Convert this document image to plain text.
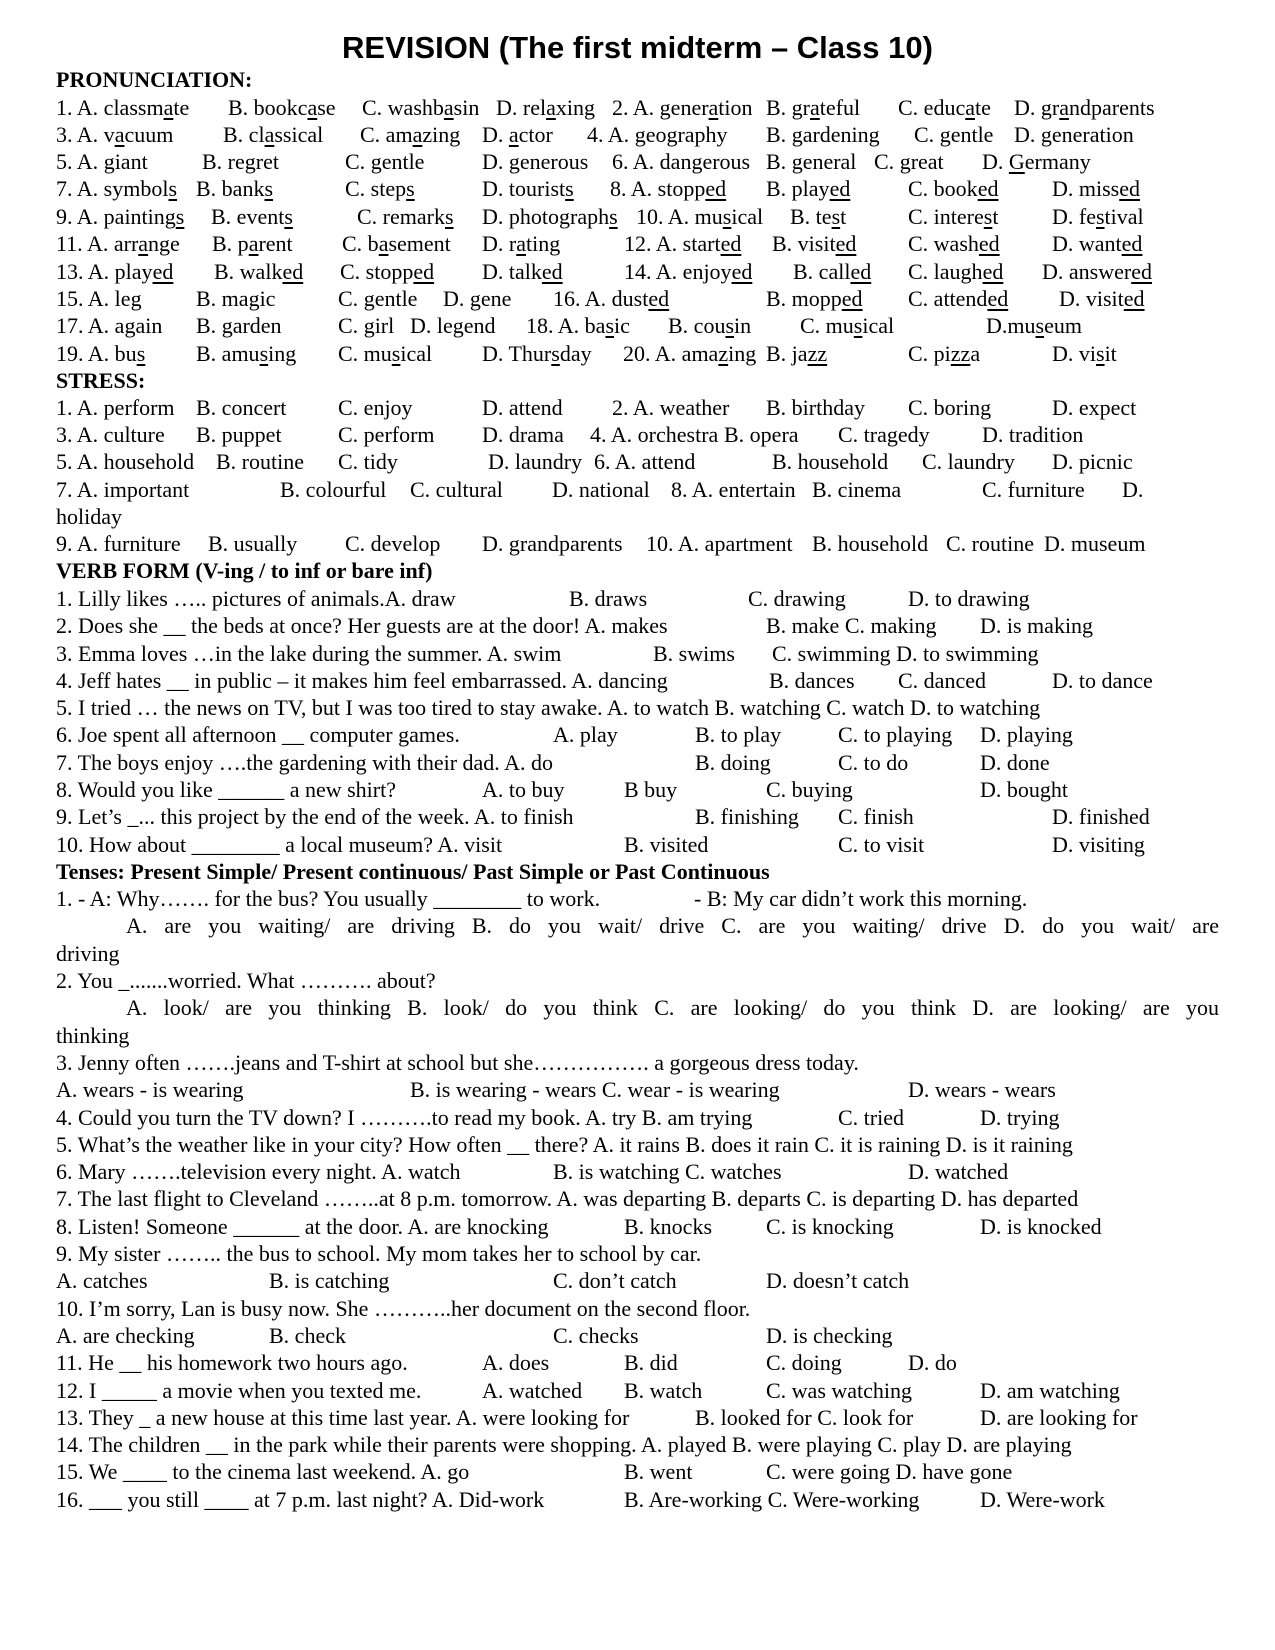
REVISION (The first midterm – Class 10)
PRONUNCIATION:
1. A. classmate B. bookcase C. washbasin D. relaxing 2. A. generation B. grateful C. educate D. grandparents
3. A. vacuum B. classical C. amazing D. actor 4. A. geography B. gardening C. gentle D. generation
5. A. giant B. regret	C. gentle	D. generous 6. A. dangerous B. general C. great D. Germany
7. A. symbols B. banks	C. steps	D. tourists 8. A. stopped B. played	C. booked D. missed
9. A. paintings B. events	C. remarks D. photographs 10. A. musical B. test	C. interest D. festival
11. A. arrange B. parent C. basement D. rating	12. A. started B. visited C. washed D. wanted
13. A. played B. walked C. stopped D. talked	14. A. enjoyed B. called C. laughed D. answered
15. A. leg B. magic	C. gentle D. gene 16. A. dusted	B. mopped C. attended D. visited
17. A. again B. garden	C. girl D. legend 18. A. basic B. cousin C. musical	D.museum
19. A. bus B. amusing C. musical D. Thursday 20. A. amazing B. jazz	C. pizza	D. visit
STRESS:
1. A. perform B. concert C. enjoy	D. attend 2. A. weather B. birthday C. boring	D. expect
3. A. culture B. puppet	C. perform D. drama 4. A. orchestra B. opera C. tragedy D. tradition
5. A. household B. routine C. tidy	D. laundry 6. A. attend	B. household C. laundry D. picnic
7. A. important	B. colourful C. cultural D. national 8. A. entertain B. cinema	C. furniture D.
holiday
9. A. furniture B. usually C. develop D. grandparents 10. A. apartment B. household C. routine D. museum
VERB FORM (V-ing / to inf or bare inf)
1. Lilly likes ….. pictures of animals.A. draw	B. draws	C. drawing	D. to drawing
2. Does she __ the beds at once? Her guests are at the door! A. makes	B. make C. making D. is making
3. Emma loves …in the lake during the summer. A. swim	B. swims C. swimming D. to swimming
4. Jeff hates __ in public – it makes him feel embarrassed. A. dancing	B. dances C. danced	D. to dance
5. I tried … the news on TV, but I was too tired to stay awake. A. to watch B. watching C. watch D. to watching
6. Joe spent all afternoon __ computer games.	A. play	B. to play	C. to playing D. playing
7. The boys enjoy ….the gardening with their dad. A. do	B. doing	C. to do	D. done
8. Would you like ______ a new shirt?	A. to buy	B buy	C. buying	D. bought
9. Let’s _... this project by the end of the week. A. to finish	B. finishing C. finish	D. finished
10. How about ________ a local museum? A. visit	B. visited	C. to visit	D. visiting
Tenses: Present Simple/ Present continuous/ Past Simple or Past Continuous
1. - A: Why……. for the bus? You usually ________ to work.	- B: My car didn’t work this morning.
A. are you waiting/ are driving B. do you wait/ drive C. are you waiting/ drive D. do you wait/ are
driving
2. You _.......worried. What ………. about?
A. look/ are you thinking B. look/ do you think C. are looking/ do you think D. are looking/ are you
thinking
3. Jenny often …….jeans and T-shirt at school but she……………. a gorgeous dress today.
A. wears - is wearing	B. is wearing - wears C. wear - is wearing	D. wears - wears
4. Could you turn the TV down? I ……….to read my book. A. try B. am trying	C. tried	D. trying
5. What’s the weather like in your city? How often __ there? A. it rains B. does it rain C. it is raining D. is it raining
6. Mary …….television every night. A. watch	B. is watching C. watches	D. watched
7. The last flight to Cleveland ……..at 8 p.m. tomorrow. A. was departing B. departs C. is departing D. has departed
8. Listen! Someone ______ at the door. A. are knocking	B. knocks C. is knocking	D. is knocked
9. My sister …….. the bus to school. My mom takes her to school by car.
A. catches	B. is catching	C. don’t catch	D. doesn’t catch
10. I’m sorry, Lan is busy now. She ………..her document on the second floor.
A. are checking	B. check	C. checks	D. is checking
11. He __ his homework two hours ago.	A. does	B. did	C. doing	D. do
12. I _____ a movie when you texted me.	A. watched B. watch	C. was watching	D. am watching
13. They _ a new house at this time last year. A. were looking for	B. looked for C. look for	D. are looking for
14. The children __ in the park while their parents were shopping. A. played B. were playing C. play D. are playing
15. We ____ to the cinema last weekend. A. go	B. went	C. were going D. have gone
16. ___ you still ____ at 7 p.m. last night? A. Did-work	B. Are-working C. Were-working	D. Were-work
